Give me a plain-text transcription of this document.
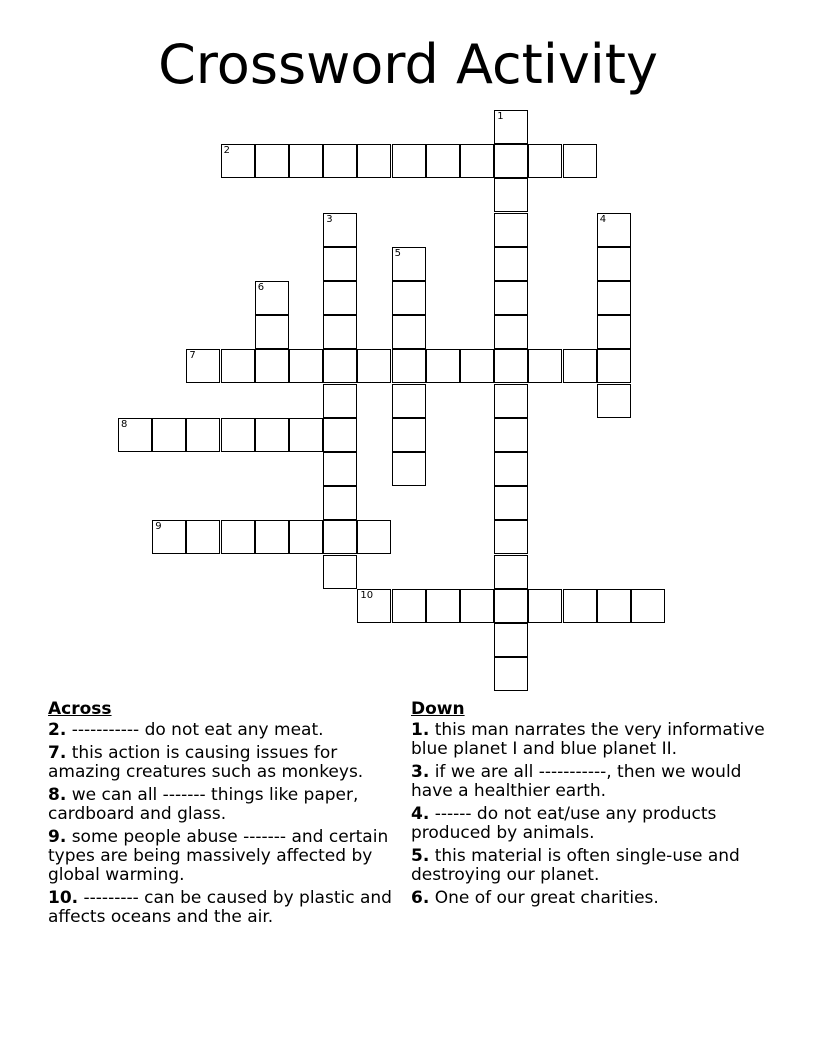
Crossword Activity
1
2
3	4
5
6
7
8
9
10
Across
2. ----------- do not eat any meat.
7. this action is causing issues for amazing creatures such as monkeys.
8. we can all ------- things like paper, cardboard and glass.
9. some people abuse ------- and certain types are being massively affected by global warming.
10. --------- can be caused by plastic and affects oceans and the air.
Down
1. this man narrates the very informative blue planet I and blue planet II.
3. if we are all -----------, then we would have a healthier earth.
4. ------ do not eat/use any products produced by animals.
5. this material is often single-use and destroying our planet.
6. One of our great charities.
